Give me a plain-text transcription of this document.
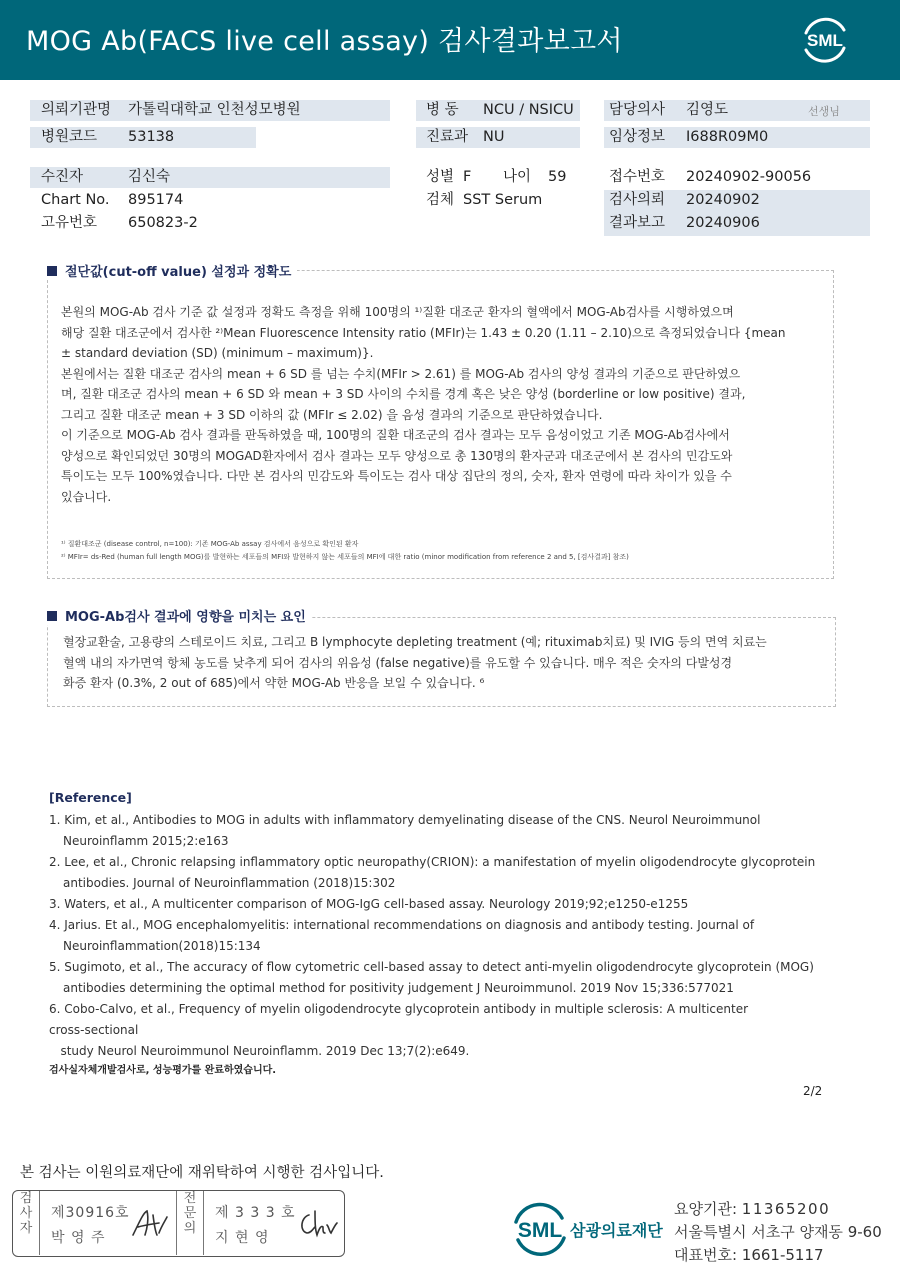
MOG Ab(FACS live cell assay) 검사결과보고서	SML
의뢰기관명 가톨릭대학교 인천성모병원
병원코드 53138
병 동 NCU / NSICU
진료과 NU
담당의사 김영도	선생님
임상정보 I688R09M0
수진자	김신숙
Chart No. 895174
고유번호 650823-2
성별 F 나이 59
검체 SST Serum
접수번호 20240902-90056
검사의뢰 20240902
결과보고 20240906
절단값(cut-off value) 설정과 정확도

본원의 MOG-Ab 검사 기준 값 설정과 정확도 측정을 위해 100명의 ¹⁾질환 대조군 환자의 혈액에서 MOG-Ab검사를 시행하였으며

해당 질환 대조군에서 검사한 ²⁾Mean Fluorescence Intensity ratio (MFIr)는 1.43 ± 0.20 (1.11 – 2.10)으로 측정되었습니다 {mean

± standard deviation (SD) (minimum – maximum)}.

본원에서는 질환 대조군 검사의 mean + 6 SD 를 넘는 수치(MFIr > 2.61) 를 MOG-Ab 검사의 양성 결과의 기준으로 판단하였으

며, 질환 대조군 검사의 mean + 6 SD 와 mean + 3 SD 사이의 수치를 경계 혹은 낮은 양성 (borderline or low positive) 결과,

그리고 질환 대조군 mean + 3 SD 이하의 값 (MFIr ≤ 2.02) 을 음성 결과의 기준으로 판단하였습니다.

이 기준으로 MOG-Ab 검사 결과를 판독하였을 때, 100명의 질환 대조군의 검사 결과는 모두 음성이었고 기존 MOG-Ab검사에서

양성으로 확인되었던 30명의 MOGAD환자에서 검사 결과는 모두 양성으로 총 130명의 환자군과 대조군에서 본 검사의 민감도와

특이도는 모두 100%였습니다. 다만 본 검사의 민감도와 특이도는 검사 대상 집단의 정의, 숫자, 환자 연령에 따라 차이가 있을 수

있습니다.

¹⁾ 질환대조군 (disease control, n=100): 기존 MOG-Ab assay 검사에서 음성으로 확인된 환자
²⁾ MFIr= ds-Red (human full length MOG)를 발현하는 세포들의 MFI와 발현하지 않는 세포들의 MFI에 대한 ratio (minor modification from reference 2 and 5, [검사결과] 참조)
MOG-Ab검사 결과에 영향을 미치는 요인

혈장교환술, 고용량의 스테로이드 치료, 그리고 B lymphocyte depleting treatment (예; rituximab치료) 및 IVIG 등의 면역 치료는

혈액 내의 자가면역 항체 농도를 낮추게 되어 검사의 위음성 (false negative)를 유도할 수 있습니다. 매우 적은 숫자의 다발성경

화증 환자 (0.3%, 2 out of 685)에서 약한 MOG-Ab 반응을 보일 수 있습니다. ⁶

[Reference]
1. Kim, et al., Antibodies to MOG in adults with inflammatory demyelinating disease of the CNS. Neurol Neuroimmunol Neuroinflamm 2015;2:e163
2. Lee, et al., Chronic relapsing inflammatory optic neuropathy(CRION): a manifestation of myelin oligodendrocyte glycoprotein antibodies. Journal of Neuroinflammation (2018)15:302
3. Waters, et al., A multicenter comparison of MOG-IgG cell-based assay. Neurology 2019;92;e1250-e1255
4. Jarius. Et al., MOG encephalomyelitis: international recommendations on diagnosis and antibody testing. Journal of Neuroinflammation(2018)15:134
5. Sugimoto, et al., The accuracy of flow cytometric cell-based assay to detect anti-myelin oligodendrocyte glycoprotein (MOG) antibodies determining the optimal method for positivity judgement J Neuroimmunol. 2019 Nov 15;336:577021
6. Cobo-Calvo, et al., Frequency of myelin oligodendrocyte glycoprotein antibody in multiple sclerosis: A multicenter
cross-sectional
study Neurol Neuroimmunol Neuroinflamm. 2019 Dec 13;7(2):e649.
검사실자체개발검사로, 성능평가를 완료하였습니다.
2/2
본 검사는 이원의료재단에 재위탁하여 시행한 검사입니다.
검
사
자
제30916호
박 영 주
전
문
의
제 3 3 3 호
지 현 영	SML 삼광의료재단
요양기관: 11365200
서울특별시 서초구 양재동 9-60
대표번호: 1661-5117
